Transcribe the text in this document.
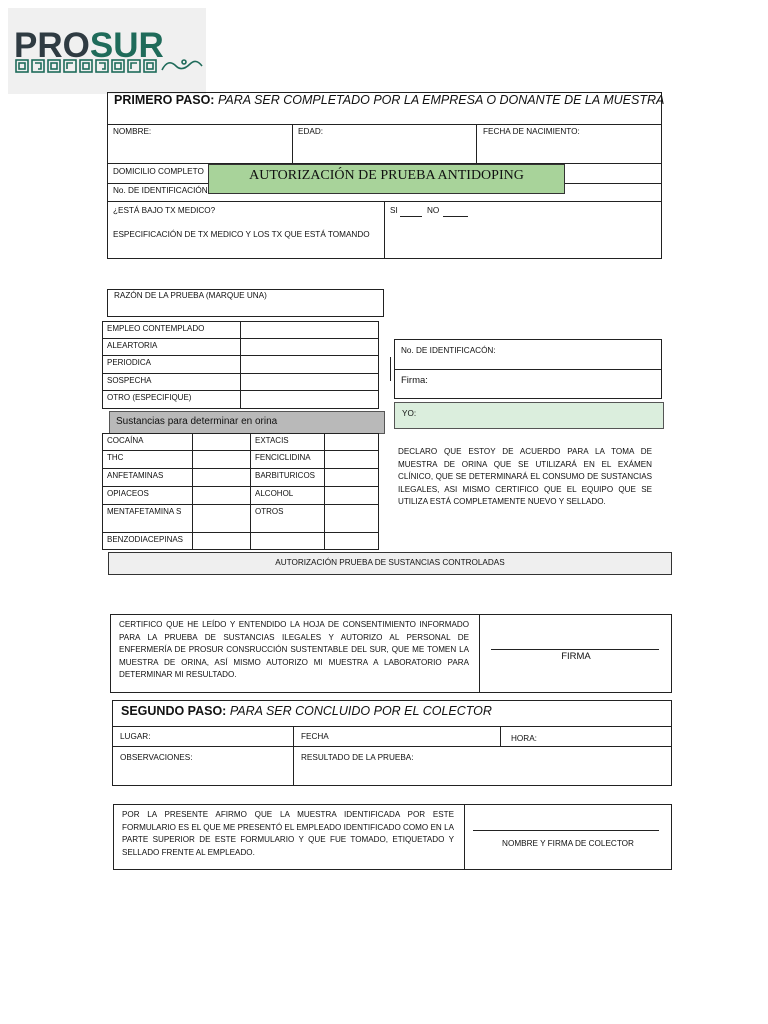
PROSUR
PRIMERO PASO: PARA SER COMPLETADO POR LA EMPRESA O DONANTE DE LA MUESTRA
NOMBRE:	EDAD:	FECHA DE NACIMIENTO:
DOMICILIO COMPLETO
No. DE IDENTIFICACIÓN
AUTORIZACIÓN DE PRUEBA ANTIDOPING
¿ESTÁ BAJO TX MEDICO?
ESPECIFICACIÓN DE TX MEDICO Y LOS TX QUE ESTÁ TOMANDO
SI	NO
RAZÓN DE LA PRUEBA (MARQUE UNA)
EMPLEO CONTEMPLADO
ALEARTORIA
PERIODICA
SOSPECHA
OTRO (ESPECIFIQUE)
Sustancias para determinar en orina
COCAÍNA	EXTACIS
THC	FENCICLIDINA
ANFETAMINAS	BARBITURICOS
OPIACEOS	ALCOHOL
MENTAFETAMINA S	OTROS
BENZODIACEPINAS
No. DE IDENTIFICACÓN:
Firma:
YO:
DECLARO QUE ESTOY DE ACUERDO PARA LA TOMA DE MUESTRA DE ORINA QUE SE UTILIZARÁ EN EL EXÁMEN CLÍNICO, QUE SE DETERMINARÁ EL CONSUMO DE SUSTANCIAS ILEGALES, ASI MISMO CERTIFICO QUE EL EQUIPO QUE SE UTILIZA ESTÁ COMPLETAMENTE NUEVO Y SELLADO.
AUTORIZACIÓN PRUEBA DE SUSTANCIAS CONTROLADAS
CERTIFICO QUE HE LEÍDO Y ENTENDIDO LA HOJA DE CONSENTIMIENTO INFORMADO PARA LA PRUEBA DE SUSTANCIAS ILEGALES Y AUTORIZO AL PERSONAL DE ENFERMERÍA DE PROSUR CONSRUCCIÓN SUSTENTABLE DEL SUR, QUE ME TOMEN LA MUESTRA DE ORINA, ASÍ MISMO AUTORIZO MI MUESTRA A LABORATORIO PARA DETERMINAR MI RESULTADO.
FIRMA
SEGUNDO PASO: PARA SER CONCLUIDO POR EL COLECTOR
LUGAR:	FECHA	HORA:
OBSERVACIONES:	RESULTADO DE LA PRUEBA:
POR LA PRESENTE AFIRMO QUE LA MUESTRA IDENTIFICADA POR ESTE FORMULARIO ES EL QUE ME PRESENTÓ EL EMPLEADO IDENTIFICADO COMO EN LA PARTE SUPERIOR DE ESTE FORMULARIO Y QUE FUE TOMADO, ETIQUETADO Y SELLADO FRENTE AL EMPLEADO.
NOMBRE Y FIRMA DE COLECTOR
